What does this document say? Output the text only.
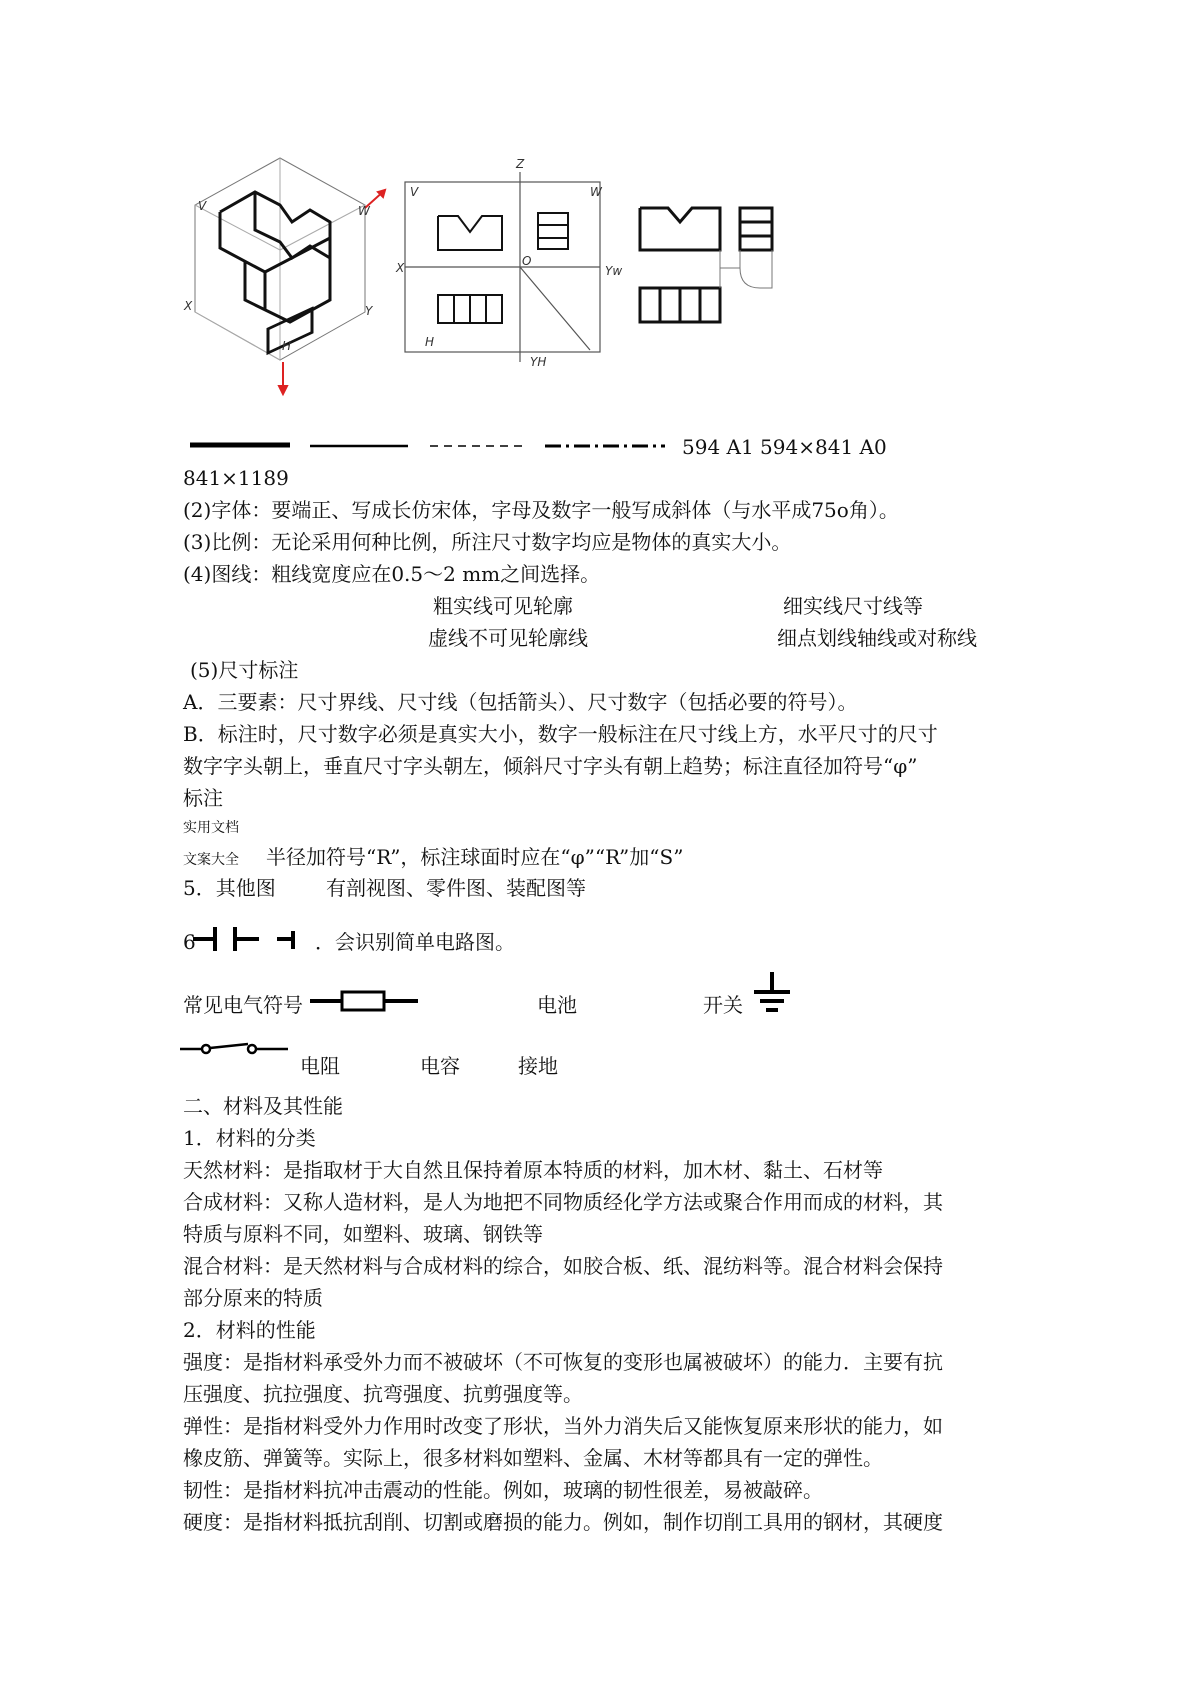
V	W
X	Y
H
Z
V	W
X	O
Yw
H
YH
594 A1 594×841 A0
841×1189
(2)字体：要端正、写成长仿宋体，字母及数字一般写成斜体（与水平成75o角）。
(3)比例：无论采用何种比例，所注尺寸数字均应是物体的真实大小。
(4)图线：粗线宽度应在0.5～2 mm之间选择。
粗实线可见轮廓	细实线尺寸线等
虚线不可见轮廓线	细点划线轴线或对称线
(5)尺寸标注
A．三要素：尺寸界线、尺寸线（包括箭头）、尺寸数字（包括必要的符号）。
B．标注时，尺寸数字必须是真实大小，数字一般标注在尺寸线上方，水平尺寸的尺寸
数字字头朝上，垂直尺寸字头朝左，倾斜尺寸字头有朝上趋势；标注直径加符号“φ”
标注
实用文档
文案大全 半径加符号“R”，标注球面时应在“φ”“R”加“S”
5．其他图	有剖视图、零件图、装配图等
6	．会识别简单电路图。
常见电气符号	电池	开关
电阻	电容	接地
二、材料及其性能
1．材料的分类
天然材料：是指取材于大自然且保持着原本特质的材料，加木材、黏土、石材等
合成材料：又称人造材料，是人为地把不同物质经化学方法或聚合作用而成的材料，其
特质与原料不同，如塑料、玻璃、钢铁等
混合材料：是天然材料与合成材料的综合，如胶合板、纸、混纺料等。混合材料会保持
部分原来的特质
2．材料的性能
强度：是指材料承受外力而不被破坏（不可恢复的变形也属被破坏）的能力．主要有抗
压强度、抗拉强度、抗弯强度、抗剪强度等。
弹性：是指材料受外力作用时改变了形状，当外力消失后又能恢复原来形状的能力，如
橡皮筋、弹簧等。实际上，很多材料如塑料、金属、木材等都具有一定的弹性。
韧性：是指材料抗冲击震动的性能。例如，玻璃的韧性很差，易被敲碎。
硬度：是指材料抵抗刮削、切割或磨损的能力。例如，制作切削工具用的钢材，其硬度
